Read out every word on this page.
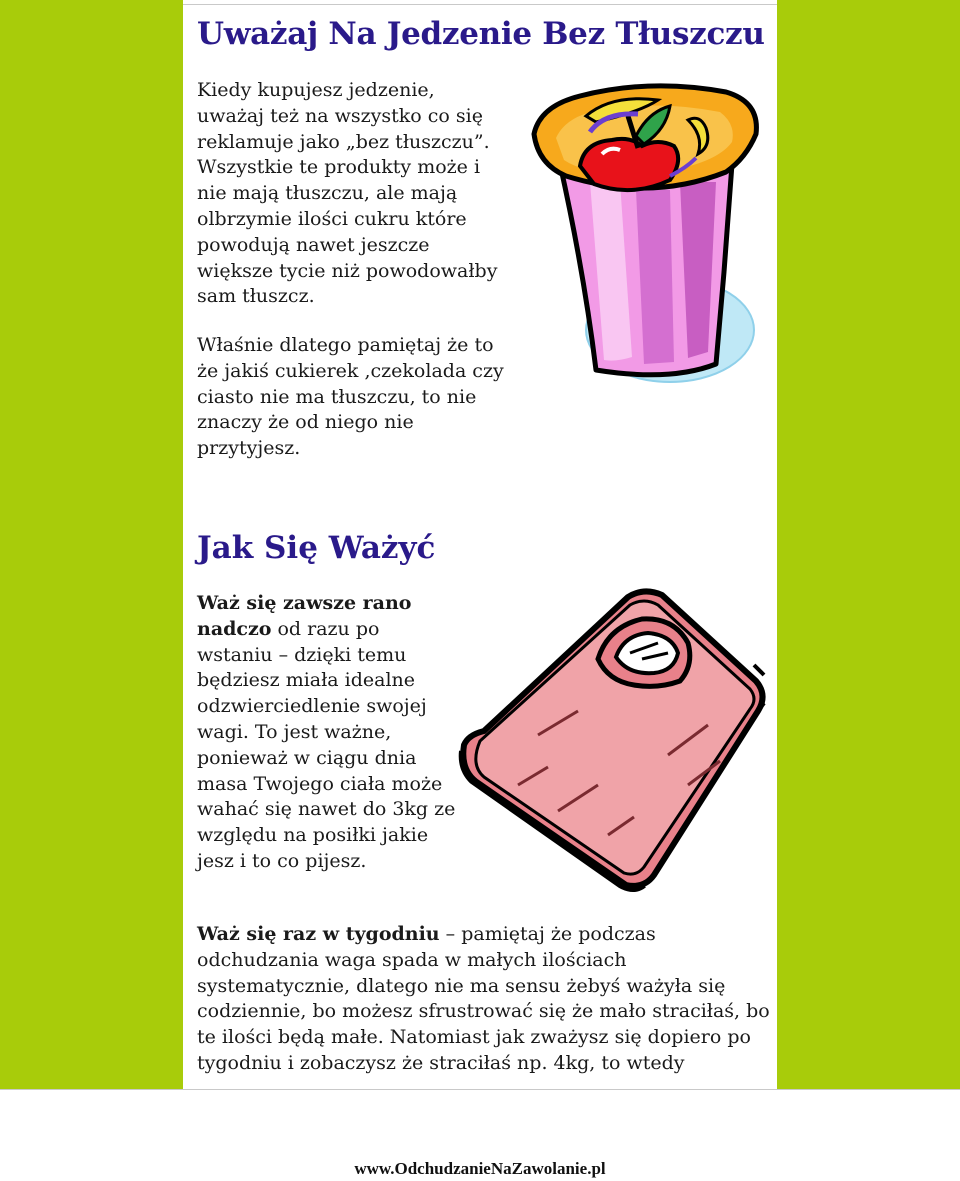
Uważaj Na Jedzenie Bez Tłuszczu

Kiedy kupujesz jedzenie, uważaj też na wszystko co się reklamuje jako „bez tłuszczu”. Wszystkie te produkty może i nie mają tłuszczu, ale mają olbrzymie ilości cukru które powodują nawet jeszcze większe tycie niż powodowałby sam tłuszcz.

Właśnie dlatego pamiętaj że to że jakiś cukierek ,czekolada czy ciasto nie ma tłuszczu, to nie znaczy że od niego nie przytyjesz.

Jak Się Ważyć

Waż się zawsze rano nadczo od razu po wstaniu – dzięki temu będziesz miała idealne odzwierciedlenie swojej wagi. To jest ważne, ponieważ w ciągu dnia masa Twojego ciała może wahać się nawet do 3kg ze względu na posiłki jakie jesz i to co pijesz.

Waż się raz w tygodniu – pamiętaj że podczas odchudzania waga spada w małych ilościach systematycznie, dlatego nie ma sensu żebyś ważyła się codziennie, bo możesz sfrustrować się że mało straciłaś, bo te ilości będą małe. Natomiast jak zważysz się dopiero po tygodniu i zobaczysz że straciłaś np. 4kg, to wtedy

www.OdchudzanieNaZawolanie.pl
